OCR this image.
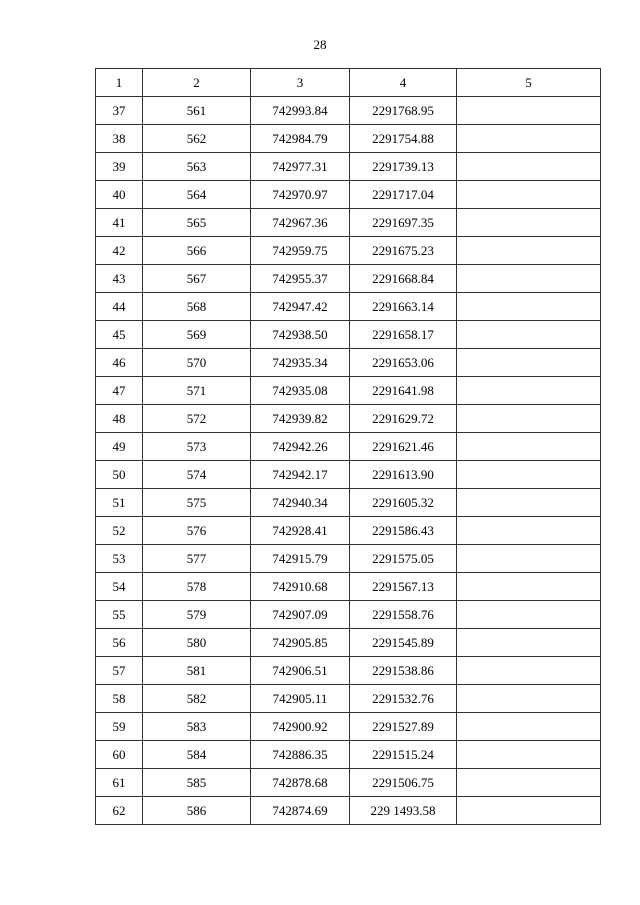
28
1	2	3	4	5
37	561	742993.84	2291768.95	
38	562	742984.79	2291754.88	
39	563	742977.31	2291739.13	
40	564	742970.97	2291717.04	
41	565	742967.36	2291697.35	
42	566	742959.75	2291675.23	
43	567	742955.37	2291668.84	
44	568	742947.42	2291663.14	
45	569	742938.50	2291658.17	
46	570	742935.34	2291653.06	
47	571	742935.08	2291641.98	
48	572	742939.82	2291629.72	
49	573	742942.26	2291621.46	
50	574	742942.17	2291613.90	
51	575	742940.34	2291605.32	
52	576	742928.41	2291586.43	
53	577	742915.79	2291575.05	
54	578	742910.68	2291567.13	
55	579	742907.09	2291558.76	
56	580	742905.85	2291545.89	
57	581	742906.51	2291538.86	
58	582	742905.11	2291532.76	
59	583	742900.92	2291527.89	
60	584	742886.35	2291515.24	
61	585	742878.68	2291506.75	
62	586	742874.69	229 1493.58	
